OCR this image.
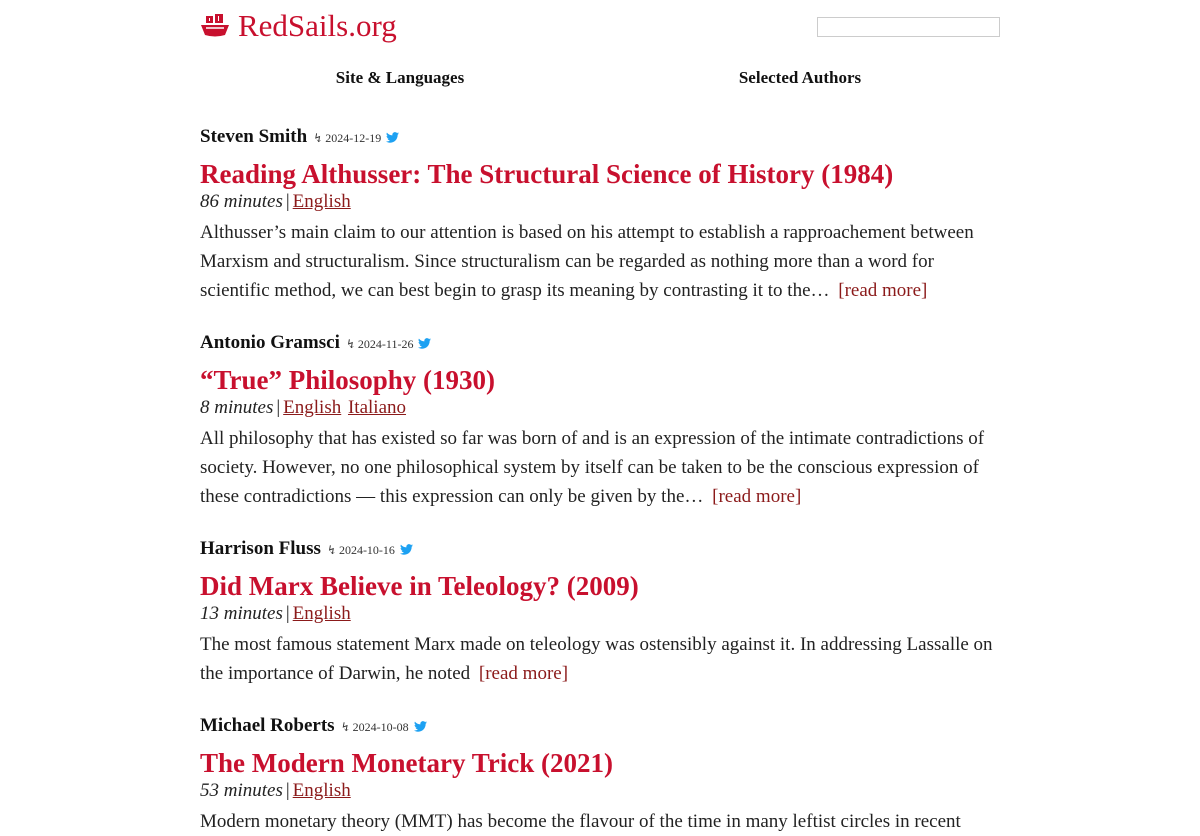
RedSails.org
Site & Languages	Selected Authors
Steven Smith ↯ 2024-12-19
Reading Althusser: The Structural Science of History (1984)
86 minutes | English
Althusser’s main claim to our attention is based on his attempt to establish a rapproachement between Marxism and structuralism. Since structuralism can be regarded as nothing more than a word for scientific method, we can best begin to grasp its meaning by contrasting it to the… [read more]
Antonio Gramsci ↯ 2024-11-26
“True” Philosophy (1930)
8 minutes | English Italiano
All philosophy that has existed so far was born of and is an expression of the intimate contradictions of society. However, no one philosophical system by itself can be taken to be the conscious expression of these contradictions — this expression can only be given by the… [read more]
Harrison Fluss ↯ 2024-10-16
Did Marx Believe in Teleology? (2009)
13 minutes | English
The most famous statement Marx made on teleology was ostensibly against it. In addressing Lassalle on the importance of Darwin, he noted [read more]
Michael Roberts ↯ 2024-10-08
The Modern Monetary Trick (2021)
53 minutes | English
Modern monetary theory (MMT) has become the flavour of the time in many leftist circles in recent
